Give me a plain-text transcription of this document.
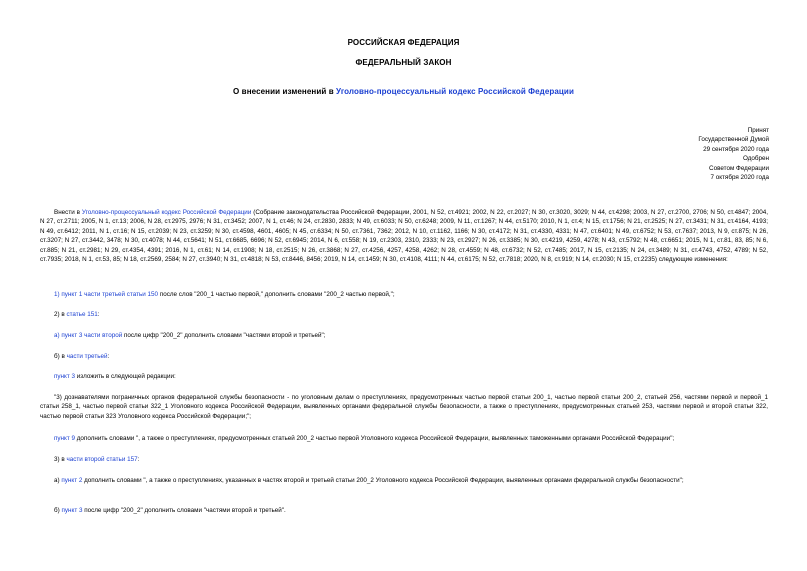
РОССИЙСКАЯ ФЕДЕРАЦИЯ
ФЕДЕРАЛЬНЫЙ ЗАКОН
О внесении изменений в Уголовно-процессуальный кодекс Российской Федерации
Принят
Государственной Думой
29 сентября 2020 года
Одобрен
Советом Федерации
7 октября 2020 года
Внести в Уголовно-процессуальный кодекс Российской Федерации (Собрание законодательства Российской Федерации, 2001, N 52, ст.4921; 2002, N 22, ст.2027; N 30, ст.3020, 3029; N 44, ст.4298; 2003, N 27, ст.2700, 2706; N 50, ст.4847; 2004, N 27, ст.2711; 2005, N 1, ст.13; 2006, N 28, ст.2975, 2976; N 31, ст.3452; 2007, N 1, ст.46; N 24, ст.2830, 2833; N 49, ст.6033; N 50, ст.6248; 2009, N 11, ст.1267; N 44, ст.5170; 2010, N 1, ст.4; N 15, ст.1756; N 21, ст.2525; N 27, ст.3431; N 31, ст.4164, 4193; N 49, ст.6412; 2011, N 1, ст.16; N 15, ст.2039; N 23, ст.3259; N 30, ст.4598, 4601, 4605; N 45, ст.6334; N 50, ст.7361, 7362; 2012, N 10, ст.1162, 1166; N 30, ст.4172; N 31, ст.4330, 4331; N 47, ст.6401; N 49, ст.6752; N 53, ст.7637; 2013, N 9, ст.875; N 26, ст.3207; N 27, ст.3442, 3478; N 30, ст.4078; N 44, ст.5641; N 51, ст.6685, 6696; N 52, ст.6945; 2014, N 6, ст.558; N 19, ст.2303, 2310, 2333; N 23, ст.2927; N 26, ст.3385; N 30, ст.4219, 4259, 4278; N 43, ст.5792; N 48, ст.6651; 2015, N 1, ст.81, 83, 85; N 6, ст.885; N 21, ст.2981; N 29, ст.4354, 4391; 2016, N 1, ст.61; N 14, ст.1908; N 18, ст.2515; N 26, ст.3868; N 27, ст.4256, 4257, 4258, 4262; N 28, ст.4559; N 48, ст.6732; N 52, ст.7485; 2017, N 15, ст.2135; N 24, ст.3489; N 31, ст.4743, 4752, 4789; N 52, ст.7935; 2018, N 1, ст.53, 85; N 18, ст.2569, 2584; N 27, ст.3940; N 31, ст.4818; N 53, ст.8446, 8456; 2019, N 14, ст.1459; N 30, ст.4108, 4111; N 44, ст.6175; N 52, ст.7818; 2020, N 8, ст.919; N 14, ст.2030; N 15, ст.2235) следующие изменения:
1) пункт 1 части третьей статьи 150 после слов "200_1 частью первой," дополнить словами "200_2 частью первой,";
2) в статье 151:
а) пункт 3 части второй после цифр "200_2" дополнить словами "частями второй и третьей";
б) в части третьей:
пункт 3 изложить в следующей редакции:
"3) дознавателями пограничных органов федеральной службы безопасности - по уголовным делам о преступлениях, предусмотренных частью первой статьи 200_1, частью первой статьи 200_2, статьей 256, частями первой и первой_1 статьи 258_1, частью первой статьи 322_1 Уголовного кодекса Российской Федерации, выявленных органами федеральной службы безопасности, а также о преступлениях, предусмотренных статьей 253, частями первой и второй статьи 322, частью первой статьи 323 Уголовного кодекса Российской Федерации;";
пункт 9 дополнить словами ", а также о преступлениях, предусмотренных статьей 200_2 частью первой Уголовного кодекса Российской Федерации, выявленных таможенными органами Российской Федерации";
3) в части второй статьи 157:
а) пункт 2 дополнить словами ", а также о преступлениях, указанных в частях второй и третьей статьи 200_2 Уголовного кодекса Российской Федерации, выявленных органами федеральной службы безопасности";
б) пункт 3 после цифр "200_2" дополнить словами "частями второй и третьей".
